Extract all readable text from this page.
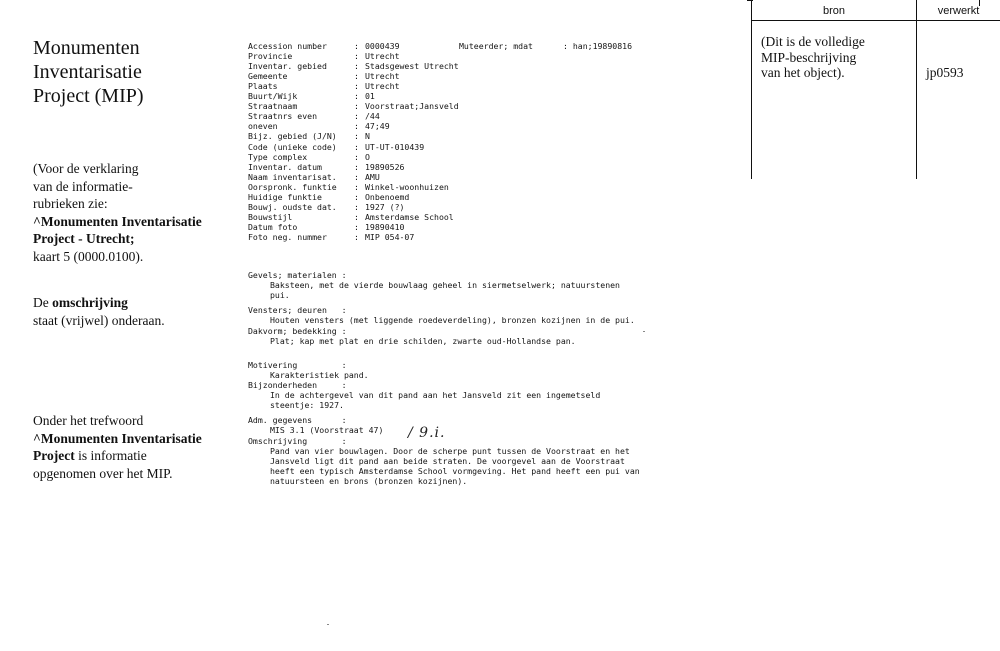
Monumenten
Inventarisatie
Project (MIP)
(Voor de verklaring
van de informatie-
rubrieken zie:
^Monumenten Inventarisatie
Project - Utrecht;
kaart 5 (0000.0100).
De omschrijving
staat (vrijwel) onderaan.
Onder het trefwoord
^Monumenten Inventarisatie
Project is informatie
opgenomen over het MIP.
bron	verwerkt
(Dit is de volledige
MIP-beschrijving
van het object).	jp0593
Muteerder; mdat	: han;19890816
Accession number	: 0000439
Provincie	: Utrecht
Inventar. gebied	: Stadsgewest Utrecht
Gemeente	: Utrecht
Plaats	: Utrecht
Buurt/Wijk	: 01
Straatnaam	: Voorstraat;Jansveld
Straatnrs even	: /44
oneven	: 47;49
Bijz. gebied (J/N) : N
Code (unieke code) : UT-UT-010439
Type complex	: O
Inventar. datum	: 19890526
Naam inventarisat. : AMU
Oorspronk. funktie : Winkel-woonhuizen
Huidige funktie	: Onbenoemd
Bouwj. oudste dat. : 1927 (?)
Bouwstijl	: Amsterdamse School
Datum foto	: 19890410
Foto neg. nummer	: MIP 054-07
Gevels; materialen :
Baksteen, met de vierde bouwlaag geheel in siermetselwerk; natuurstenen
pui.
Vensters; deuren   :
Houten vensters (met liggende roedeverdeling), bronzen kozijnen in de pui.
Dakvorm; bedekking :
Plat; kap met plat en drie schilden, zwarte oud-Hollandse pan.
Motivering         :
Karakteristiek pand.
Bijzonderheden     :
In de achtergevel van dit pand aan het Jansveld zit een ingemetseld
steentje: 1927.
Adm. gegevens      :
MIS 3.1 (Voorstraat 47)
Omschrijving       :
Pand van vier bouwlagen. Door de scherpe punt tussen de Voorstraat en het
Jansveld ligt dit pand aan beide straten. De voorgevel aan de Voorstraat
heeft een typisch Amsterdamse School vormgeving. Het pand heeft een pui van
natuursteen en brons (bronzen kozijnen).
/ 9.i.
